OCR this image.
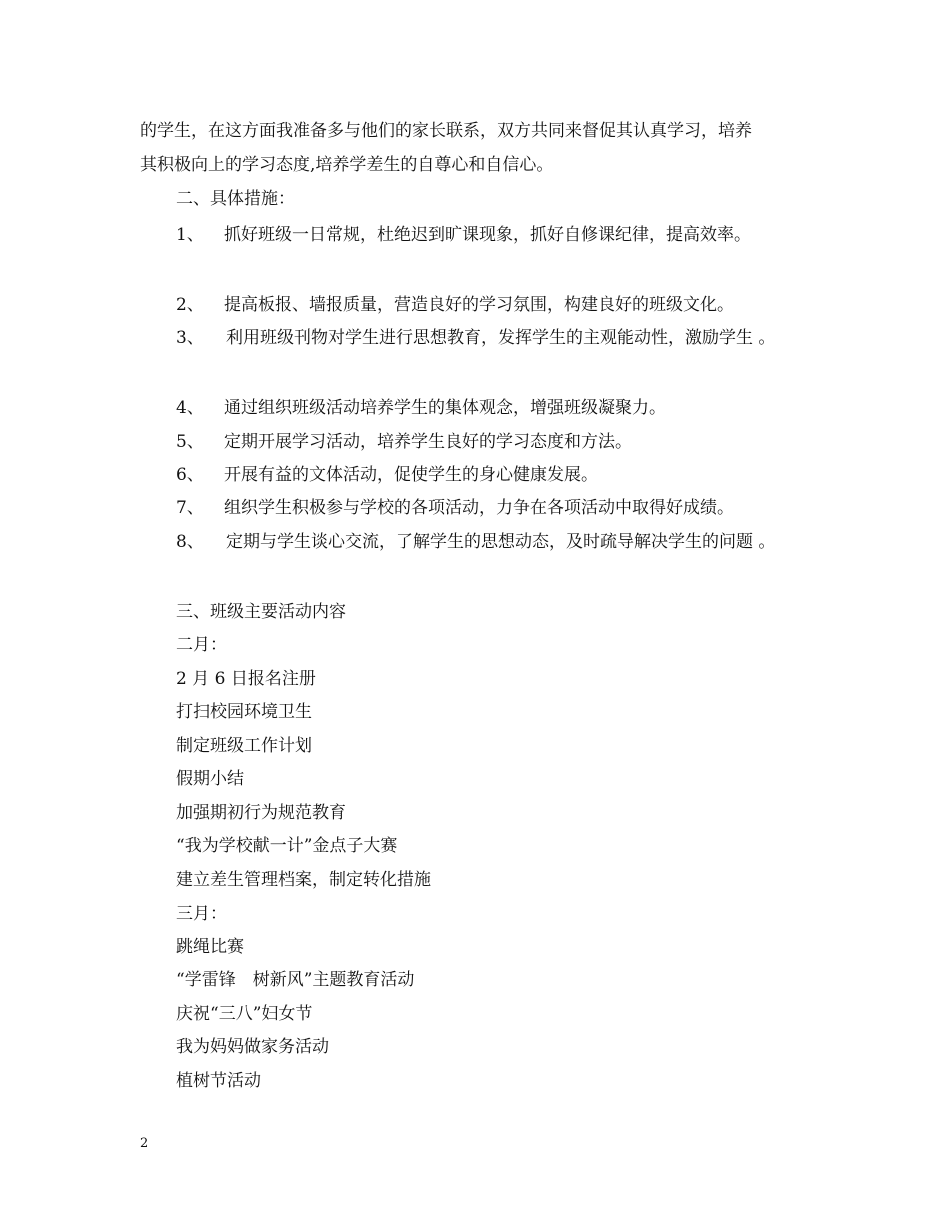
的学生，在这方面我准备多与他们的家长联系，双方共同来督促其认真学习，培养
其积极向上的学习态度,培养学差生的自尊心和自信心。
二、具体措施：
1、 抓好班级一日常规，杜绝迟到旷课现象，抓好自修课纪律，提高效率。
2、 提高板报、墙报质量，营造良好的学习氛围，构建良好的班级文化。
3、 利用班级刊物对学生进行思想教育，发挥学生的主观能动性，激励学生 。
4、 通过组织班级活动培养学生的集体观念，增强班级凝聚力。
5、 定期开展学习活动，培养学生良好的学习态度和方法。
6、 开展有益的文体活动，促使学生的身心健康发展。
7、 组织学生积极参与学校的各项活动，力争在各项活动中取得好成绩。
8、 定期与学生谈心交流，了解学生的思想动态，及时疏导解决学生的问题 。
三、班级主要活动内容
二月：
2 月 6 日报名注册
打扫校园环境卫生
制定班级工作计划
假期小结
加强期初行为规范教育
“我为学校献一计”金点子大赛
建立差生管理档案，制定转化措施
三月：
跳绳比赛
“学雷锋　树新风”主题教育活动
庆祝“三八”妇女节
我为妈妈做家务活动
植树节活动
2
